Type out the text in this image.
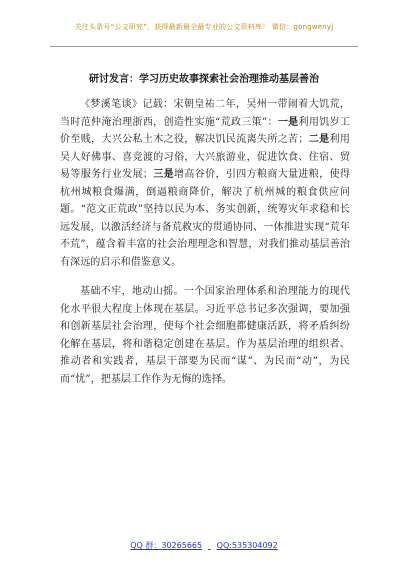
关注头条号“公文研究”，获得最新最全最专业的公文资料库！ 微信：gongwenyj
研讨发言：学习历史故事探索社会治理推动基层善治

《梦溪笔谈》记载：宋朝皇祐二年，吴州一带闹着大饥荒，当时范仲淹治理浙西，创造性实施“荒政三策”：一是利用饥岁工价至贱，大兴公私土木之役，解决饥民流离失所之苦；二是利用吴人好佛事、喜竞渡的习俗，大兴旅游业，促进饮食、住宿、贸易等服务行业发展；三是增高谷价，引四方粮商大量进粮，使得杭州城粮食爆满，倒逼粮商降价，解决了杭州城的粮食供应问题。“范文正荒政”坚持以民为本、务实创新，统筹灾年求稳和长远发展，以激活经济与备荒救灾的贯通协同、一体推进实现“荒年不荒”，蕴含着丰富的社会治理理念和智慧，对我们推动基层善治有深远的启示和借鉴意义。

基础不牢，地动山摇。一个国家治理体系和治理能力的现代化水平很大程度上体现在基层。习近平总书记多次强调，要加强和创新基层社会治理，使每个社会细胞都健康活跃，将矛盾纠纷化解在基层，将和谐稳定创建在基层。作为基层治理的组织者、推动者和实践者，基层干部要为民而“谋”、为民而“动”，为民而“忧”，把基层工作作为无悔的选择。

QQ 群：30265665 QQ:535304092
